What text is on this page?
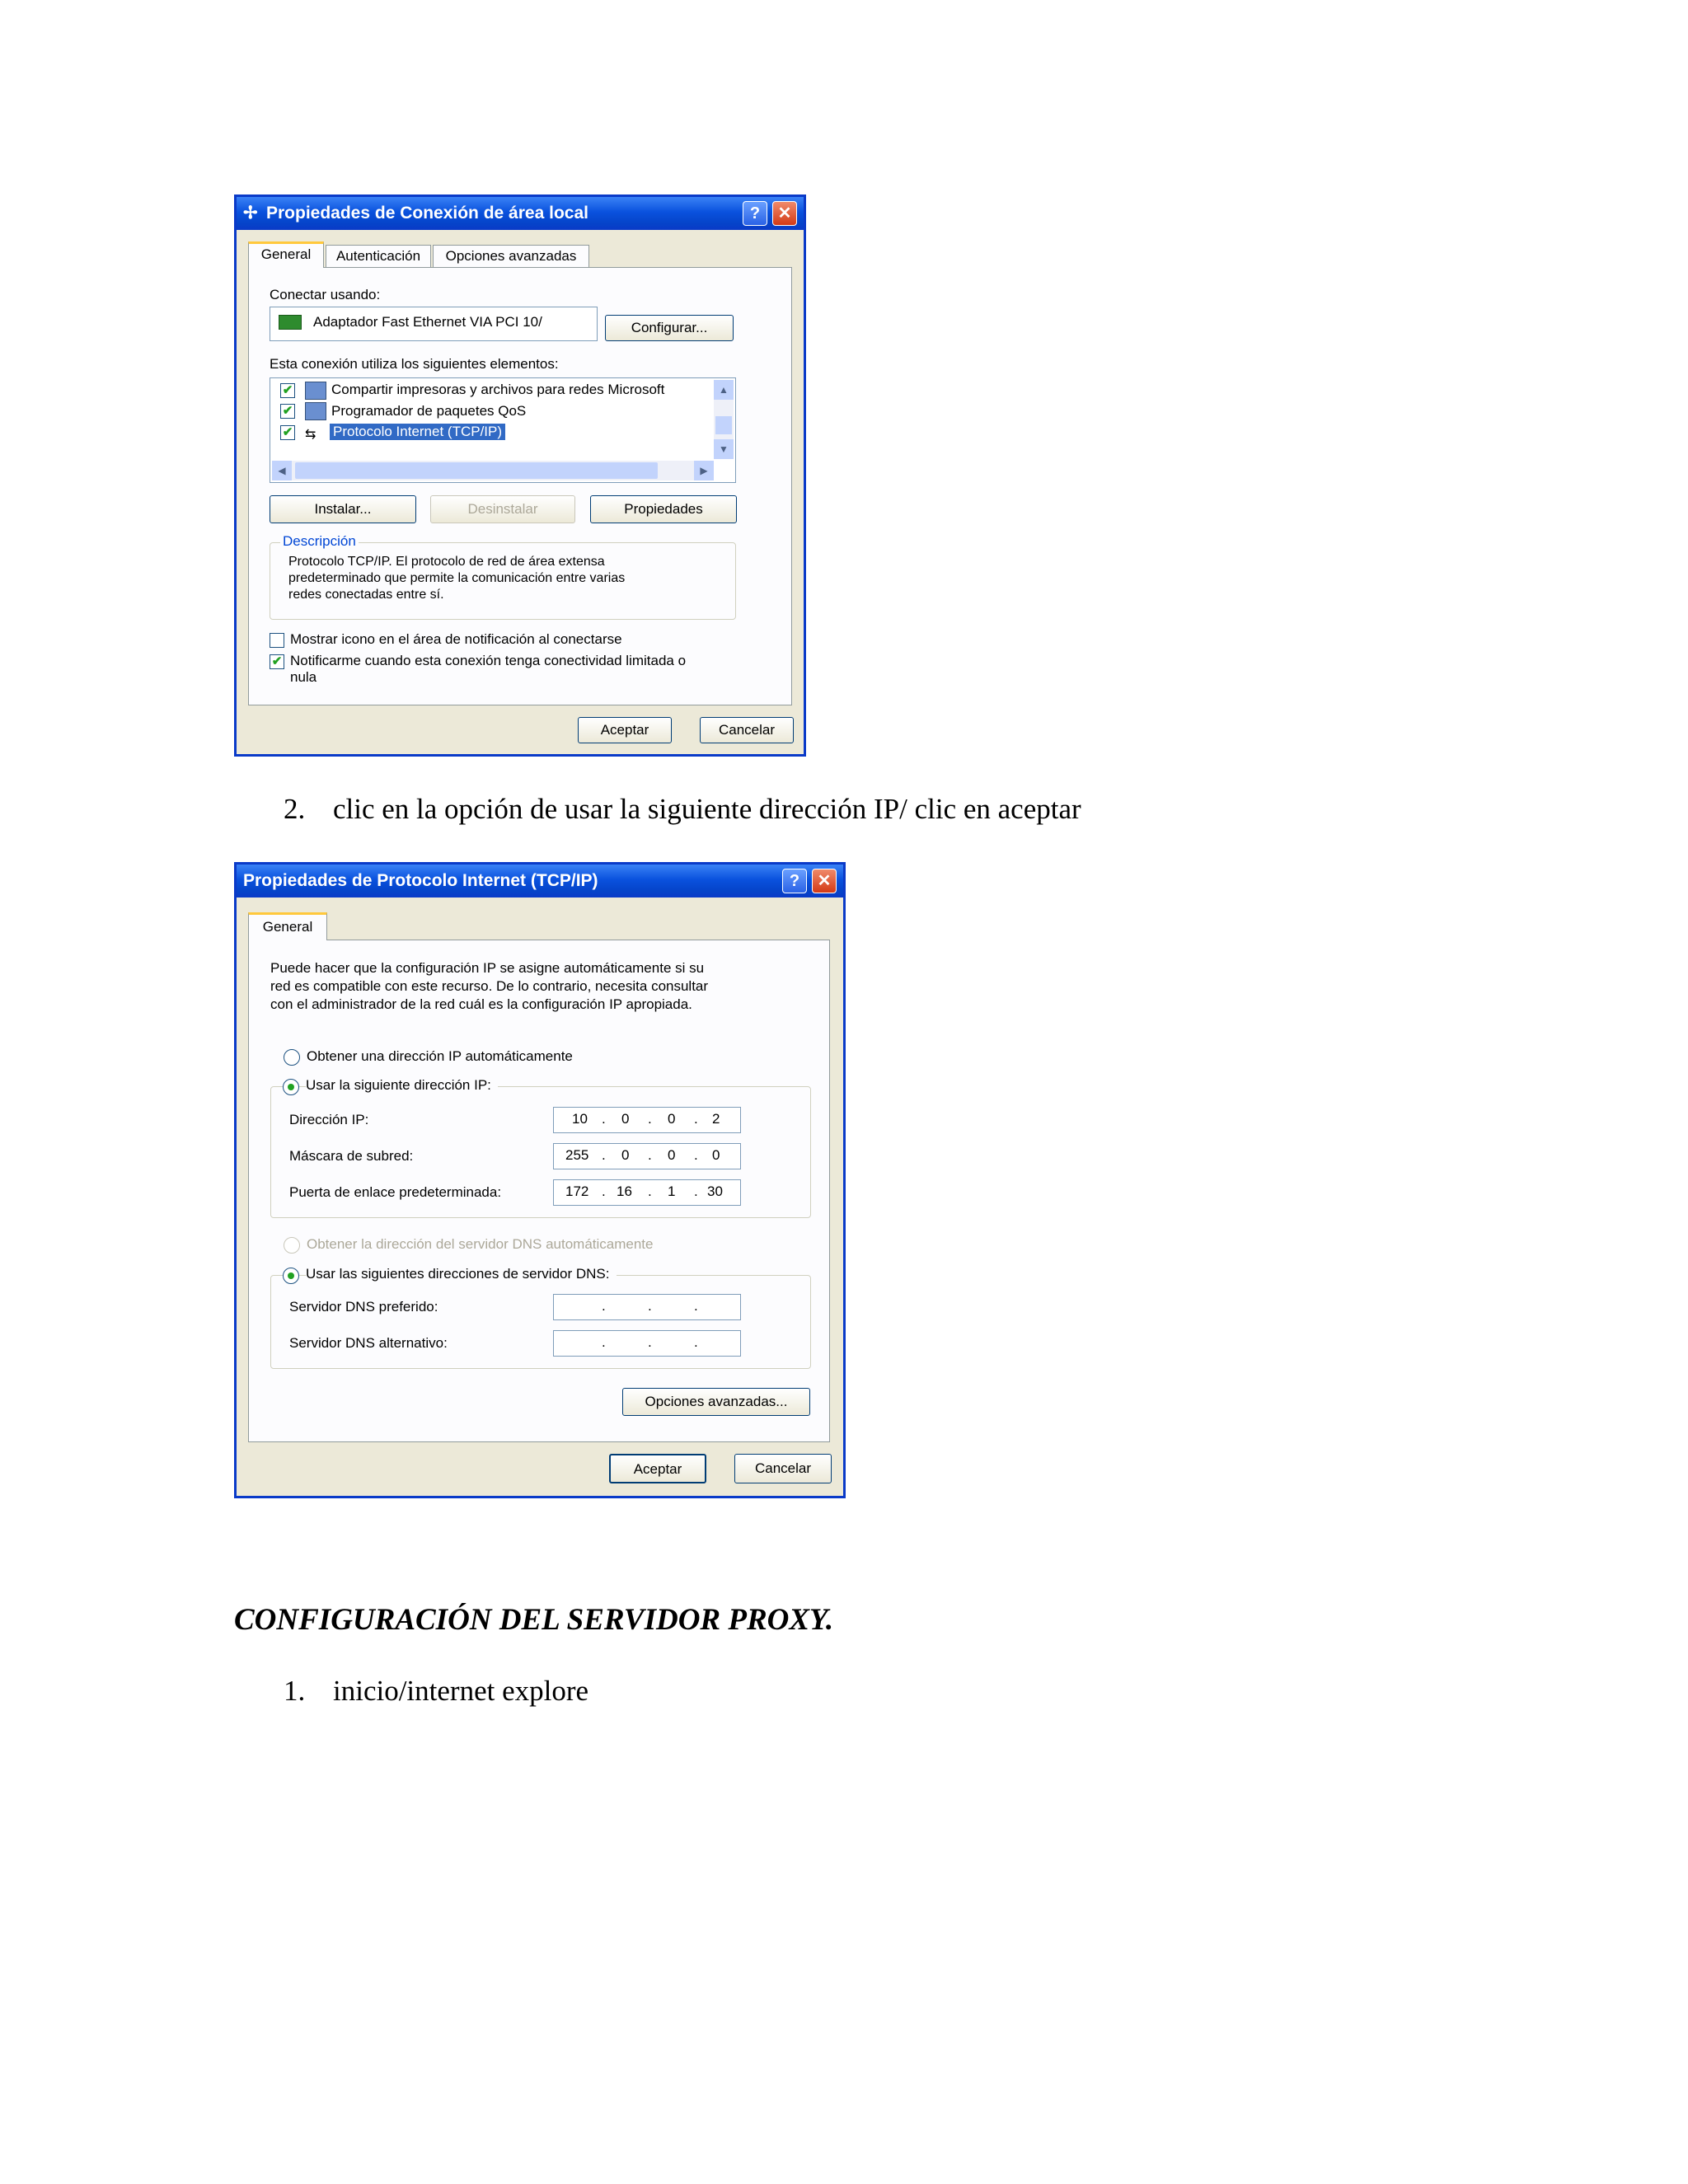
✢ Propiedades de Conexión de área local	?	✕
General	Autenticación	Opciones avanzadas
Conectar usando:
Adaptador Fast Ethernet VIA PCI 10/	Configurar...
Esta conexión utiliza los siguientes elementos:
✔	Compartir impresoras y archivos para redes Microsoft
✔	Programador de paquetes QoS
✔ ⇆ Protocolo Internet (TCP/IP)
▲
▼
◀	▶
Instalar...	Desinstalar	Propiedades
Descripción
Protocolo TCP/IP. El protocolo de red de área extensa
predeterminado que permite la comunicación entre varias
redes conectadas entre sí.
Mostrar icono en el área de notificación al conectarse
✔ Notificarme cuando esta conexión tenga conectividad limitada o
nula
Aceptar	Cancelar
2. clic en la opción de usar la siguiente dirección IP/ clic en aceptar
Propiedades de Protocolo Internet (TCP/IP)	?	✕
General
Puede hacer que la configuración IP se asigne automáticamente si su
red es compatible con este recurso. De lo contrario, necesita consultar
con el administrador de la red cuál es la configuración IP apropiada.
Obtener una dirección IP automáticamente
Usar la siguiente dirección IP:
Dirección IP:	10 . 0 . 0 . 2
Máscara de subred:	255 . 0 . 0 . 0
Puerta de enlace predeterminada:	172 . 16 . 1 . 30
Obtener la dirección del servidor DNS automáticamente
Usar las siguientes direcciones de servidor DNS:
Servidor DNS preferido:	.	.	.
Servidor DNS alternativo:	.	.	.
Opciones avanzadas...
Aceptar	Cancelar
CONFIGURACIÓN DEL SERVIDOR PROXY.
1. inicio/internet explore
